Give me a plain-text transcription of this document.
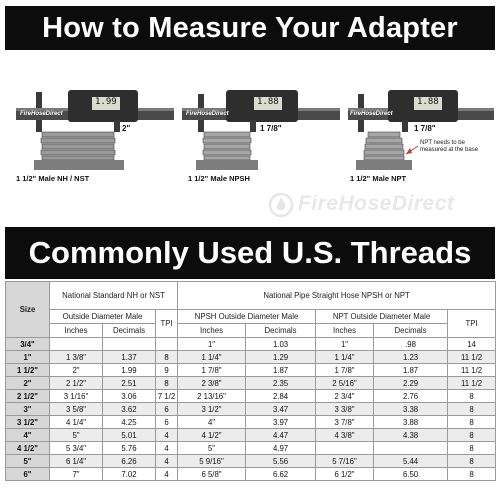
How to Measure Your Adapter
1.99
FireHoseDirect
2"
1 1/2" Male NH / NST
1.88
FireHoseDirect
1 7/8"
1 1/2" Male NPSH
1.88
FireHoseDirect
1 7/8"
NPT needs to be measured at the base
1 1/2" Male NPT
FireHoseDirect
Commonly Used U.S. Threads
Size	National Standard NH or NST			National Pipe Straight Hose NPSH or NPT				
	Outside Diameter Male		TPI	NPSH Outside Diameter Male		NPT Outside Diameter Male		TPI
	Inches	Decimals		Inches	Decimals	Inches	Decimals	
3/4"				1"	1.03	1"	.98	14
1"	1 3/8"	1.37	8	1 1/4"	1.29	1 1/4"	1.23	11 1/2
1 1/2"	2"	1.99	9	1 7/8"	1.87	1 7/8"	1.87	11 1/2
2"	2 1/2"	2.51	8	2 3/8"	2.35	2 5/16"	2.29	11 1/2
2 1/2"	3 1/16"	3.06	7 1/2	2 13/16"	2.84	2 3/4"	2.76	8
3"	3 5/8"	3.62	6	3 1/2"	3.47	3 3/8"	3.38	8
3 1/2"	4 1/4"	4.25	6	4"	3.97	3 7/8"	3.88	8
4"	5"	5.01	4	4 1/2"	4.47	4 3/8"	4.38	8
4 1/2"	5 3/4"	5.76	4	5"	4.97			8
5"	6 1/4"	6.26	4	5 9/16"	5.56	5 7/16"	5.44	8
6"	7"	7.02	4	6 5/8"	6.62	6 1/2"	6.50	8
